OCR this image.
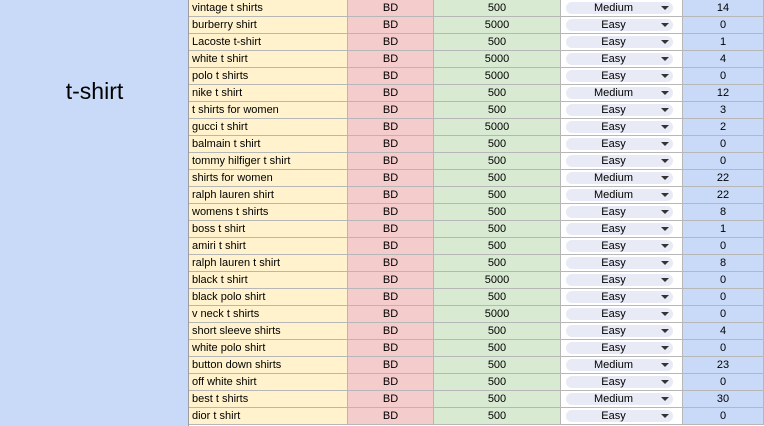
t-shirt
vintage t shirts	BD	500	Medium	14
burberry shirt	BD	5000	Easy	0
Lacoste t-shirt	BD	500	Easy	1
white t shirt	BD	5000	Easy	4
polo t shirts	BD	5000	Easy	0
nike t shirt	BD	500	Medium	12
t shirts for women	BD	500	Easy	3
gucci t shirt	BD	5000	Easy	2
balmain t shirt	BD	500	Easy	0
tommy hilfiger t shirt	BD	500	Easy	0
shirts for women	BD	500	Medium	22
ralph lauren shirt	BD	500	Medium	22
womens t shirts	BD	500	Easy	8
boss t shirt	BD	500	Easy	1
amiri t shirt	BD	500	Easy	0
ralph lauren t shirt	BD	500	Easy	8
black t shirt	BD	5000	Easy	0
black polo shirt	BD	500	Easy	0
v neck t shirts	BD	5000	Easy	0
short sleeve shirts	BD	500	Easy	4
white polo shirt	BD	500	Easy	0
button down shirts	BD	500	Medium	23
off white shirt	BD	500	Easy	0
best t shirts	BD	500	Medium	30
dior t shirt	BD	500	Easy	0
